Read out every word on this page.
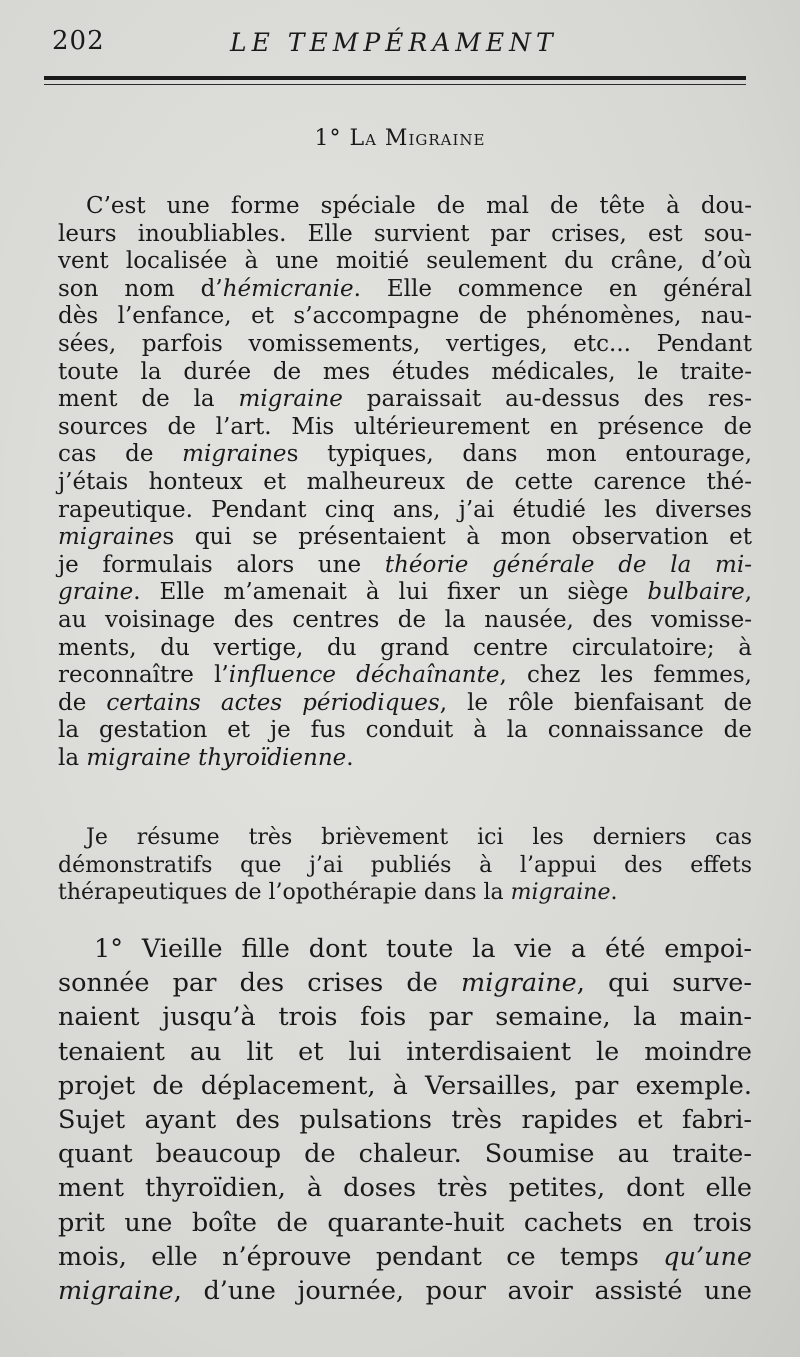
202	LE TEMPÉRAMENT
1° La Migraine
C’est une forme spéciale de mal de tête à dou-
leurs inoubliables. Elle survient par crises, est sou-
vent localisée à une moitié seulement du crâne, d’où
son nom d’hémicranie. Elle commence en général
dès l’enfance, et s’accompagne de phénomènes, nau-
sées, parfois vomissements, vertiges, etc... Pendant
toute la durée de mes études médicales, le traite-
ment de la migraine paraissait au-dessus des res-
sources de l’art. Mis ultérieurement en présence de
cas de migraines typiques, dans mon entourage,
j’étais honteux et malheureux de cette carence thé-
rapeutique. Pendant cinq ans, j’ai étudié les diverses
migraines qui se présentaient à mon observation et
je formulais alors une théorie générale de la mi-
graine. Elle m’amenait à lui fixer un siège bulbaire,
au voisinage des centres de la nausée, des vomisse-
ments, du vertige, du grand centre circulatoire; à
reconnaître l’influence déchaînante, chez les femmes,
de certains actes périodiques, le rôle bienfaisant de
la gestation et je fus conduit à la connaissance de
la migraine thyroïdienne.
Je résume très brièvement ici les derniers cas
démonstratifs que j’ai publiés à l’appui des effets
thérapeutiques de l’opothérapie dans la migraine.
1° Vieille fille dont toute la vie a été empoi-
sonnée par des crises de migraine, qui surve-
naient jusqu’à trois fois par semaine, la main-
tenaient au lit et lui interdisaient le moindre
projet de déplacement, à Versailles, par exemple.
Sujet ayant des pulsations très rapides et fabri-
quant beaucoup de chaleur. Soumise au traite-
ment thyroïdien, à doses très petites, dont elle
prit une boîte de quarante-huit cachets en trois
mois, elle n’éprouve pendant ce temps qu’une
migraine, d’une journée, pour avoir assisté une
